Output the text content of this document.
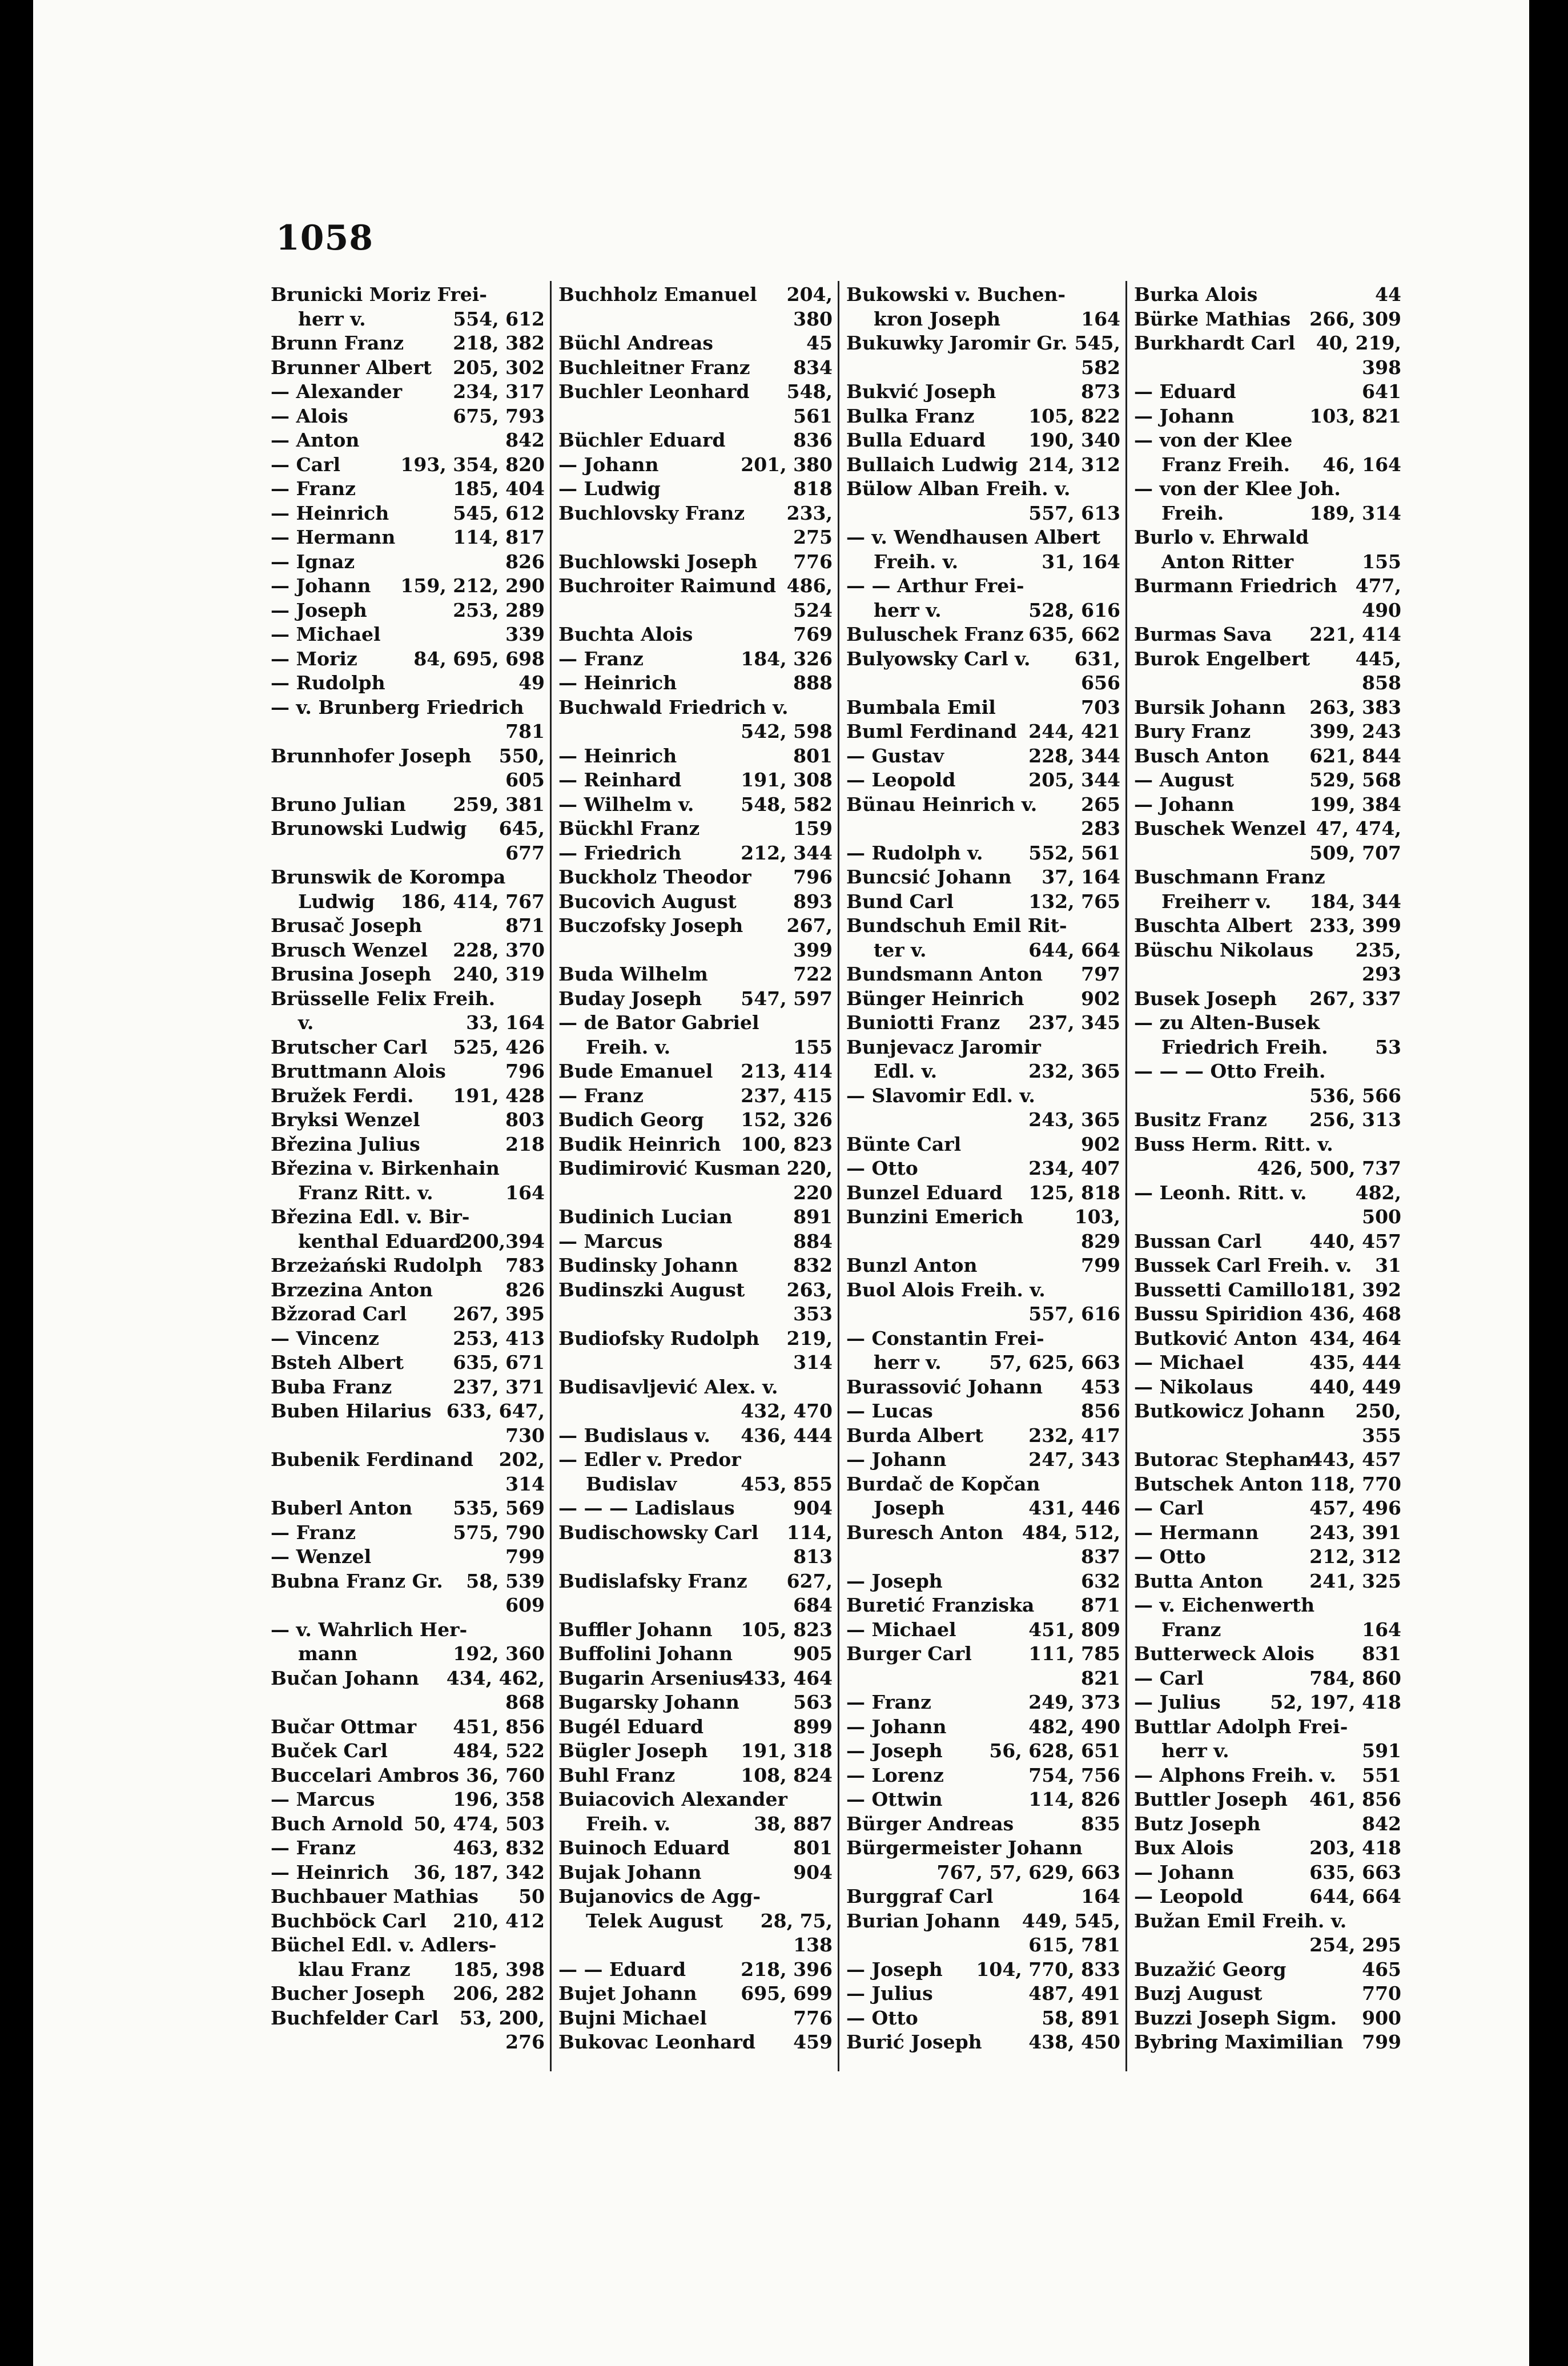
1058
Brunicki Moriz Frei-
554, 612
herr v.
218, 382
Brunn Franz
205, 302
Brunner Albert
234, 317
— Alexander
675, 793
— Alois
842
— Anton
193, 354, 820
— Carl
185, 404
— Franz
545, 612
— Heinrich
114, 817
— Hermann
826
— Ignaz
159, 212, 290
— Johann
253, 289
— Joseph
339
— Michael
84, 695, 698
— Moriz
49
— Rudolph
— v. Brunberg Friedrich
781
550,
Brunnhofer Joseph
605
259, 381
Bruno Julian
645,
Brunowski Ludwig
677
Brunswik de Korompa
186, 414, 767
Ludwig
871
Brusač Joseph
228, 370
Brusch Wenzel
240, 319
Brusina Joseph
Brüsselle Felix Freih.
33, 164
v.
525, 426
Brutscher Carl
796
Bruttmann Alois
191, 428
Bružek Ferdi.
803
Bryksi Wenzel
218
Březina Julius
Březina v. Birkenhain
164
Franz Ritt. v.
Březina Edl. v. Bir-
200,394
kenthal Eduard
783
Brzeżański Rudolph
826
Brzezina Anton
267, 395
Bžzorad Carl
253, 413
— Vincenz
635, 671
Bsteh Albert
237, 371
Buba Franz
633, 647,
Buben Hilarius
730
202,
Bubenik Ferdinand
314
535, 569
Buberl Anton
575, 790
— Franz
799
— Wenzel
58, 539
Bubna Franz Gr.
609
— v. Wahrlich Her-
192, 360
mann
434, 462,
Bučan Johann
868
451, 856
Bučar Ottmar
484, 522
Buček Carl
36, 760
Buccelari Ambros
196, 358
— Marcus
50, 474, 503
Buch Arnold
463, 832
— Franz
36, 187, 342
— Heinrich
50
Buchbauer Mathias
210, 412
Buchböck Carl
Büchel Edl. v. Adlers-
185, 398
klau Franz
206, 282
Bucher Joseph
53, 200,
Buchfelder Carl
276
204,
Buchholz Emanuel
380
45
Büchl Andreas
834
Buchleitner Franz
548,
Buchler Leonhard
561
836
Büchler Eduard
201, 380
— Johann
818
— Ludwig
233,
Buchlovsky Franz
275
776
Buchlowski Joseph
486,
Buchroiter Raimund
524
769
Buchta Alois
184, 326
— Franz
888
— Heinrich
Buchwald Friedrich v.
542, 598
801
— Heinrich
191, 308
— Reinhard
548, 582
— Wilhelm v.
159
Bückhl Franz
212, 344
— Friedrich
796
Buckholz Theodor
893
Bucovich August
267,
Buczofsky Joseph
399
722
Buda Wilhelm
547, 597
Buday Joseph
— de Bator Gabriel
155
Freih. v.
213, 414
Bude Emanuel
237, 415
— Franz
152, 326
Budich Georg
100, 823
Budik Heinrich
220,
Budimirović Kusman
220
891
Budinich Lucian
884
— Marcus
832
Budinsky Johann
263,
Budinszki August
353
219,
Budiofsky Rudolph
314
Budisavljević Alex. v.
432, 470
436, 444
— Budislaus v.
— Edler v. Predor
453, 855
Budislav
904
— — — Ladislaus
114,
Budischowsky Carl
813
627,
Budislafsky Franz
684
105, 823
Buffler Johann
905
Buffolini Johann
433, 464
Bugarin Arsenius
563
Bugarsky Johann
899
Bugél Eduard
191, 318
Bügler Joseph
108, 824
Buhl Franz
Buiacovich Alexander
38, 887
Freih. v.
801
Buinoch Eduard
904
Bujak Johann
Bujanovics de Agg-
28, 75,
Telek August
138
218, 396
— — Eduard
695, 699
Bujet Johann
776
Bujni Michael
459
Bukovac Leonhard
Bukowski v. Buchen-
164
kron Joseph
545,
Bukuwky Jaromir Gr.
582
873
Bukvić Joseph
105, 822
Bulka Franz
190, 340
Bulla Eduard
214, 312
Bullaich Ludwig
Bülow Alban Freih. v.
557, 613
— v. Wendhausen Albert
31, 164
Freih. v.
— — Arthur Frei-
528, 616
herr v.
635, 662
Buluschek Franz
631,
Bulyowsky Carl v.
656
703
Bumbala Emil
244, 421
Buml Ferdinand
228, 344
— Gustav
205, 344
— Leopold
265
Bünau Heinrich v.
283
552, 561
— Rudolph v.
37, 164
Buncsić Johann
132, 765
Bund Carl
Bundschuh Emil Rit-
644, 664
ter v.
797
Bundsmann Anton
902
Bünger Heinrich
237, 345
Buniotti Franz
Bunjevacz Jaromir
232, 365
Edl. v.
— Slavomir Edl. v.
243, 365
902
Bünte Carl
234, 407
— Otto
125, 818
Bunzel Eduard
103,
Bunzini Emerich
829
799
Bunzl Anton
Buol Alois Freih. v.
557, 616
— Constantin Frei-
57, 625, 663
herr v.
453
Burassović Johann
856
— Lucas
232, 417
Burda Albert
247, 343
— Johann
Burdač de Kopčan
431, 446
Joseph
484, 512,
Buresch Anton
837
632
— Joseph
871
Buretić Franziska
451, 809
— Michael
111, 785
Burger Carl
821
249, 373
— Franz
482, 490
— Johann
56, 628, 651
— Joseph
754, 756
— Lorenz
114, 826
— Ottwin
835
Bürger Andreas
Bürgermeister Johann
767, 57, 629, 663
164
Burggraf Carl
449, 545,
Burian Johann
615, 781
104, 770, 833
— Joseph
487, 491
— Julius
58, 891
— Otto
438, 450
Burić Joseph
44
Burka Alois
266, 309
Bürke Mathias
40, 219,
Burkhardt Carl
398
641
— Eduard
103, 821
— Johann
— von der Klee
46, 164
Franz Freih.
— von der Klee Joh.
189, 314
Freih.
Burlo v. Ehrwald
155
Anton Ritter
477,
Burmann Friedrich
490
221, 414
Burmas Sava
445,
Burok Engelbert
858
263, 383
Bursik Johann
399, 243
Bury Franz
621, 844
Busch Anton
529, 568
— August
199, 384
— Johann
47, 474,
Buschek Wenzel
509, 707
Buschmann Franz
184, 344
Freiherr v.
233, 399
Buschta Albert
235,
Büschu Nikolaus
293
267, 337
Busek Joseph
— zu Alten-Busek
53
Friedrich Freih.
— — — Otto Freih.
536, 566
256, 313
Busitz Franz
Buss Herm. Ritt. v.
426, 500, 737
482,
— Leonh. Ritt. v.
500
440, 457
Bussan Carl
31
Bussek Carl Freih. v.
181, 392
Bussetti Camillo
436, 468
Bussu Spiridion
434, 464
Butković Anton
435, 444
— Michael
440, 449
— Nikolaus
250,
Butkowicz Johann
355
443, 457
Butorac Stephan
118, 770
Butschek Anton
457, 496
— Carl
243, 391
— Hermann
212, 312
— Otto
241, 325
Butta Anton
— v. Eichenwerth
164
Franz
831
Butterweck Alois
784, 860
— Carl
52, 197, 418
— Julius
Buttlar Adolph Frei-
591
herr v.
551
— Alphons Freih. v.
461, 856
Buttler Joseph
842
Butz Joseph
203, 418
Bux Alois
635, 663
— Johann
644, 664
— Leopold
Bužan Emil Freih. v.
254, 295
465
Buzažić Georg
770
Buzj August
900
Buzzi Joseph Sigm.
799
Bybring Maximilian
